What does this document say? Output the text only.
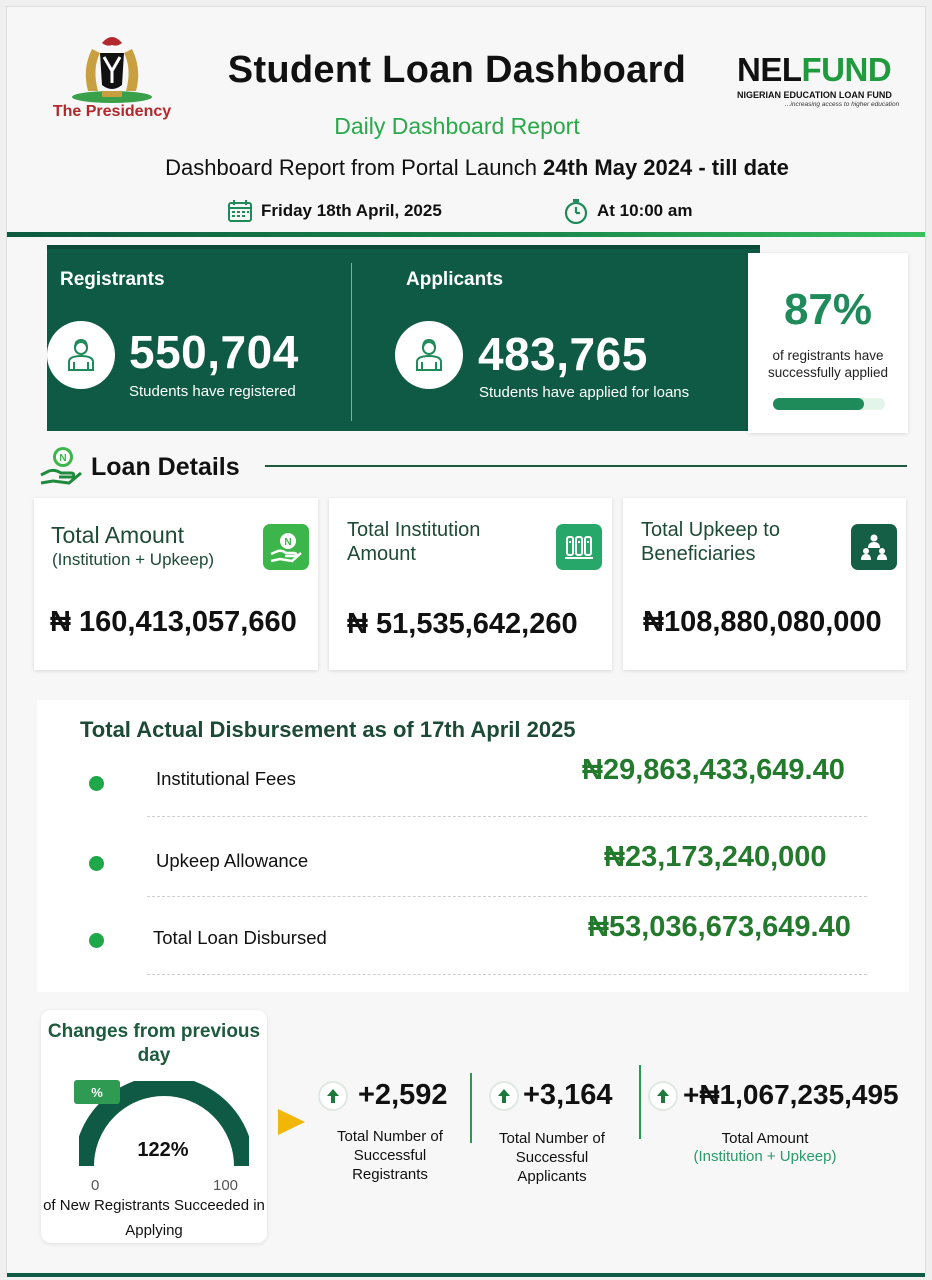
The Presidency
Student Loan Dashboard
Daily Dashboard Report
Dashboard Report from Portal Launch 24th May 2024 - till date
Friday 18th April, 2025	At 10:00 am
NELFUND
NIGERIAN EDUCATION LOAN FUND
...increasing access to higher education
Registrants
550,704
Students have registered
Applicants
483,765
Students have applied for loans
87%
of registrants have successfully applied
N Loan Details
Total Amount
(Institution + Upkeep)
N
₦ 160,413,057,660
Total Institution Amount
₦ 51,535,642,260
Total Upkeep to Beneficiaries
₦108,880,080,000
Total Actual Disbursement as of 17th April 2025
Institutional Fees	₦29,863,433,649.40
Upkeep Allowance	₦23,173,240,000
Total Loan Disbursed	₦53,036,673,649.40
Changes from previous day
%
122%
0	100
of New Registrants Succeeded in Applying
+2,592
Total Number of Successful Registrants
+3,164
Total Number of Successful Applicants
+₦1,067,235,495
Total Amount
(Institution + Upkeep)
